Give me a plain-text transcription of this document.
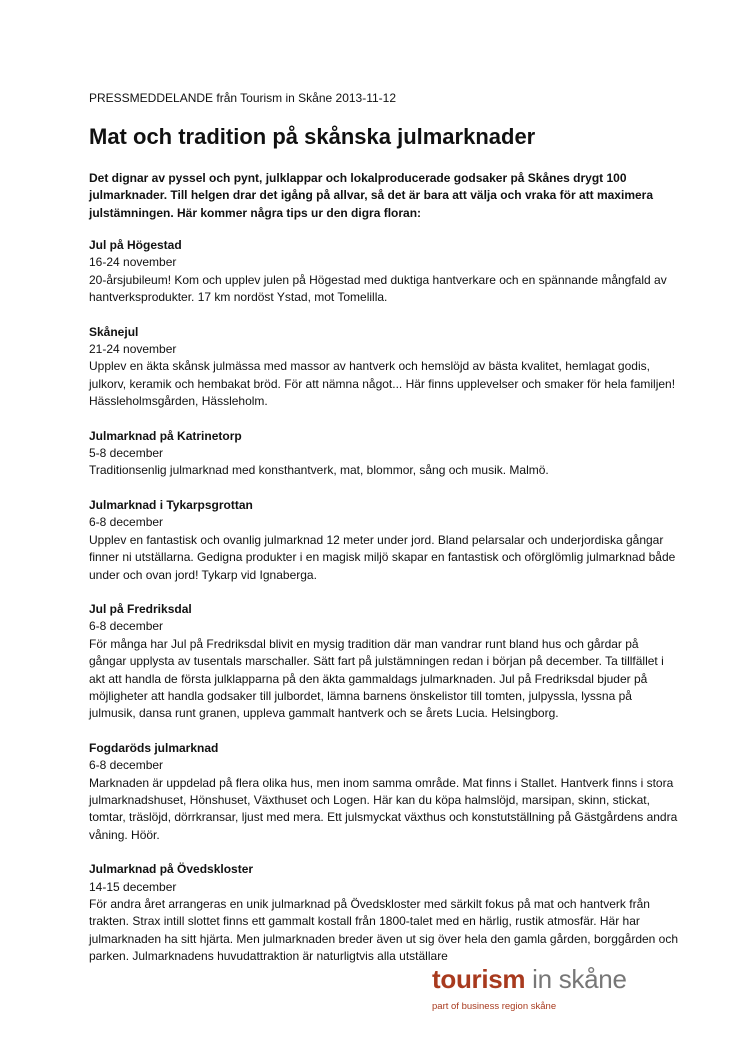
PRESSMEDDELANDE från Tourism in Skåne 2013-11-12
Mat och tradition på skånska julmarknader

Det dignar av pyssel och pynt, julklappar och lokalproducerade godsaker på Skånes drygt 100 julmarknader. Till helgen drar det igång på allvar, så det är bara att välja och vraka för att maximera julstämningen. Här kommer några tips ur den digra floran:

Jul på Högestad

16-24 november

20-årsjubileum! Kom och upplev julen på Högestad med duktiga hantverkare och en spännande mångfald av hantverksprodukter. 17 km nordöst Ystad, mot Tomelilla.

Skånejul

21-24 november

Upplev en äkta skånsk julmässa med massor av hantverk och hemslöjd av bästa kvalitet, hemlagat godis, julkorv, keramik och hembakat bröd. För att nämna något... Här finns upplevelser och smaker för hela familjen! Hässleholmsgården, Hässleholm.

Julmarknad på Katrinetorp

5-8 december

Traditionsenlig julmarknad med konsthantverk, mat, blommor, sång och musik. Malmö.

Julmarknad i Tykarpsgrottan

6-8 december

Upplev en fantastisk och ovanlig julmarknad 12 meter under jord. Bland pelarsalar och underjordiska gångar finner ni utställarna. Gedigna produkter i en magisk miljö skapar en fantastisk och oförglömlig julmarknad både under och ovan jord! Tykarp vid Ignaberga.

Jul på Fredriksdal

6-8 december

För många har Jul på Fredriksdal blivit en mysig tradition där man vandrar runt bland hus och gårdar på gångar upplysta av tusentals marschaller. Sätt fart på julstämningen redan i början på december. Ta tillfället i akt att handla de första julklapparna på den äkta gammaldags julmarknaden. Jul på Fredriksdal bjuder på möjligheter att handla godsaker till julbordet, lämna barnens önskelistor till tomten, julpyssla, lyssna på julmusik, dansa runt granen, uppleva gammalt hantverk och se årets Lucia. Helsingborg.

Fogdaröds julmarknad

6-8 december

Marknaden är uppdelad på flera olika hus, men inom samma område. Mat finns i Stallet. Hantverk finns i stora julmarknadshuset, Hönshuset, Växthuset och Logen. Här kan du köpa halmslöjd, marsipan, skinn, stickat, tomtar, träslöjd, dörrkransar, ljust med mera. Ett julsmyckat växthus och konstutställning på Gästgårdens andra våning. Höör.

Julmarknad på Övedskloster

14-15 december

För andra året arrangeras en unik julmarknad på Övedskloster med särkilt fokus på mat och hantverk från trakten. Strax intill slottet finns ett gammalt kostall från 1800-talet med en härlig, rustik atmosfär. Här har julmarknaden ha sitt hjärta. Men julmarknaden breder även ut sig över hela den gamla gården, borggården och parken. Julmarknadens huvudattraktion är naturligtvis alla utställare

tourism in skåne
part of business region skåne
